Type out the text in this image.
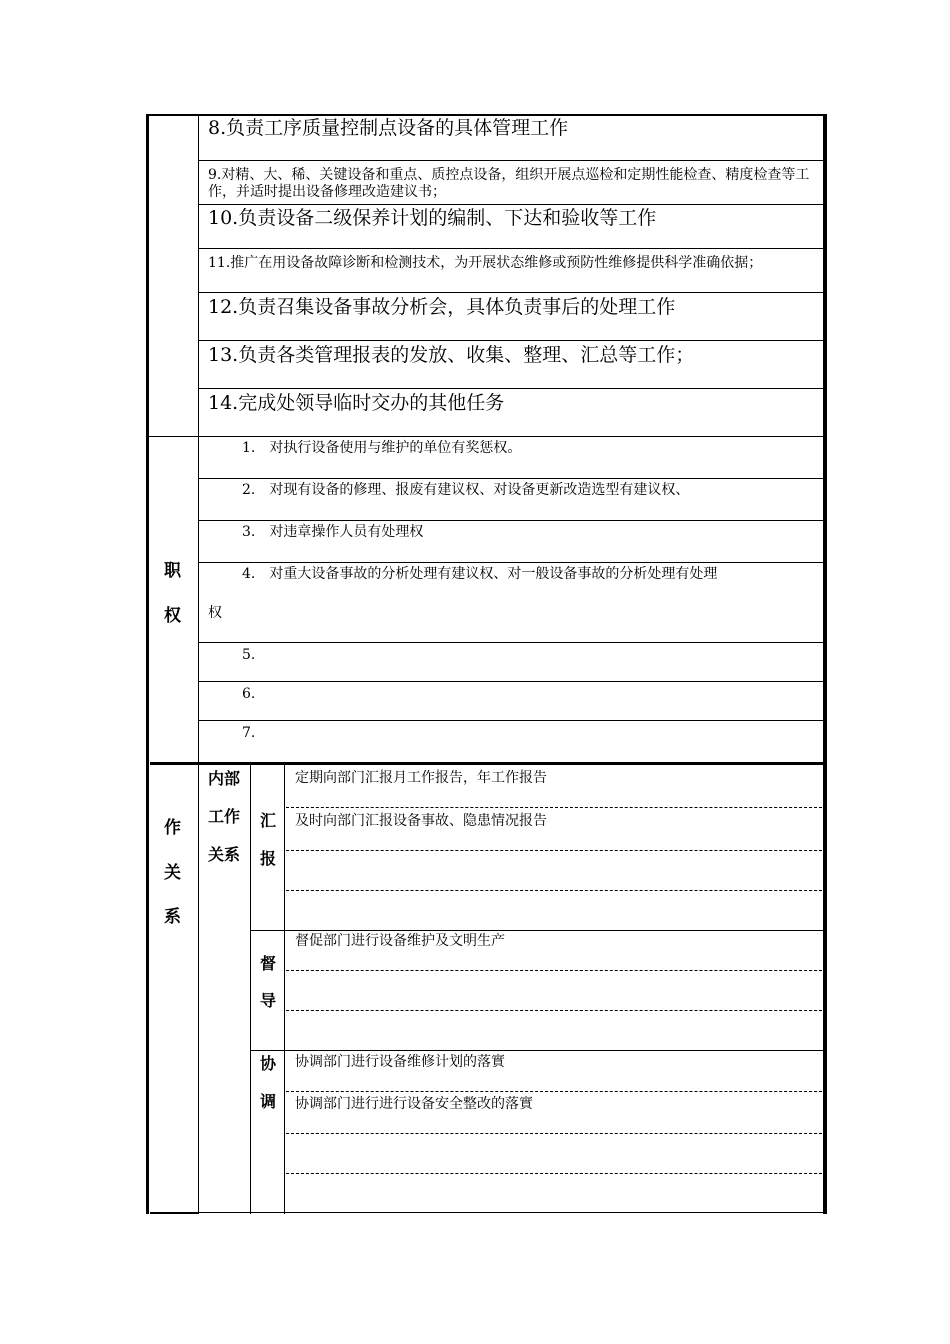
8.负责工序质量控制点设备的具体管理工作
9.对精、大、稀、关键设备和重点、质控点设备，组织开展点巡检和定期性能检查、精度检查等工作，并适时提出设备修理改造建议书；
10.负责设备二级保养计划的编制、下达和验收等工作
11.推广在用设备故障诊断和检测技术，为开展状态维修或预防性维修提供科学准确依据；
12.负责召集设备事故分析会，具体负责事后的处理工作
13.负责各类管理报表的发放、收集、整理、汇总等工作；
14.完成处领导临时交办的其他任务
职
权
1.　对执行设备使用与维护的单位有奖惩权。
2.　对现有设备的修理、报废有建议权、对设备更新改造选型有建议权、
3.　对违章操作人员有处理权
4.　对重大设备事故的分析处理有建议权、对一般设备事故的分析处理有处理
权
5.
6.
7.
作
关
系
内部
工作
关系
汇
报
定期向部门汇报月工作报告，年工作报告
及时向部门汇报设备事故、隐患情况报告
督
导
督促部门进行设备维护及文明生产
协
调
协调部门进行设备维修计划的落實
协调部门进行进行设备安全整改的落實
